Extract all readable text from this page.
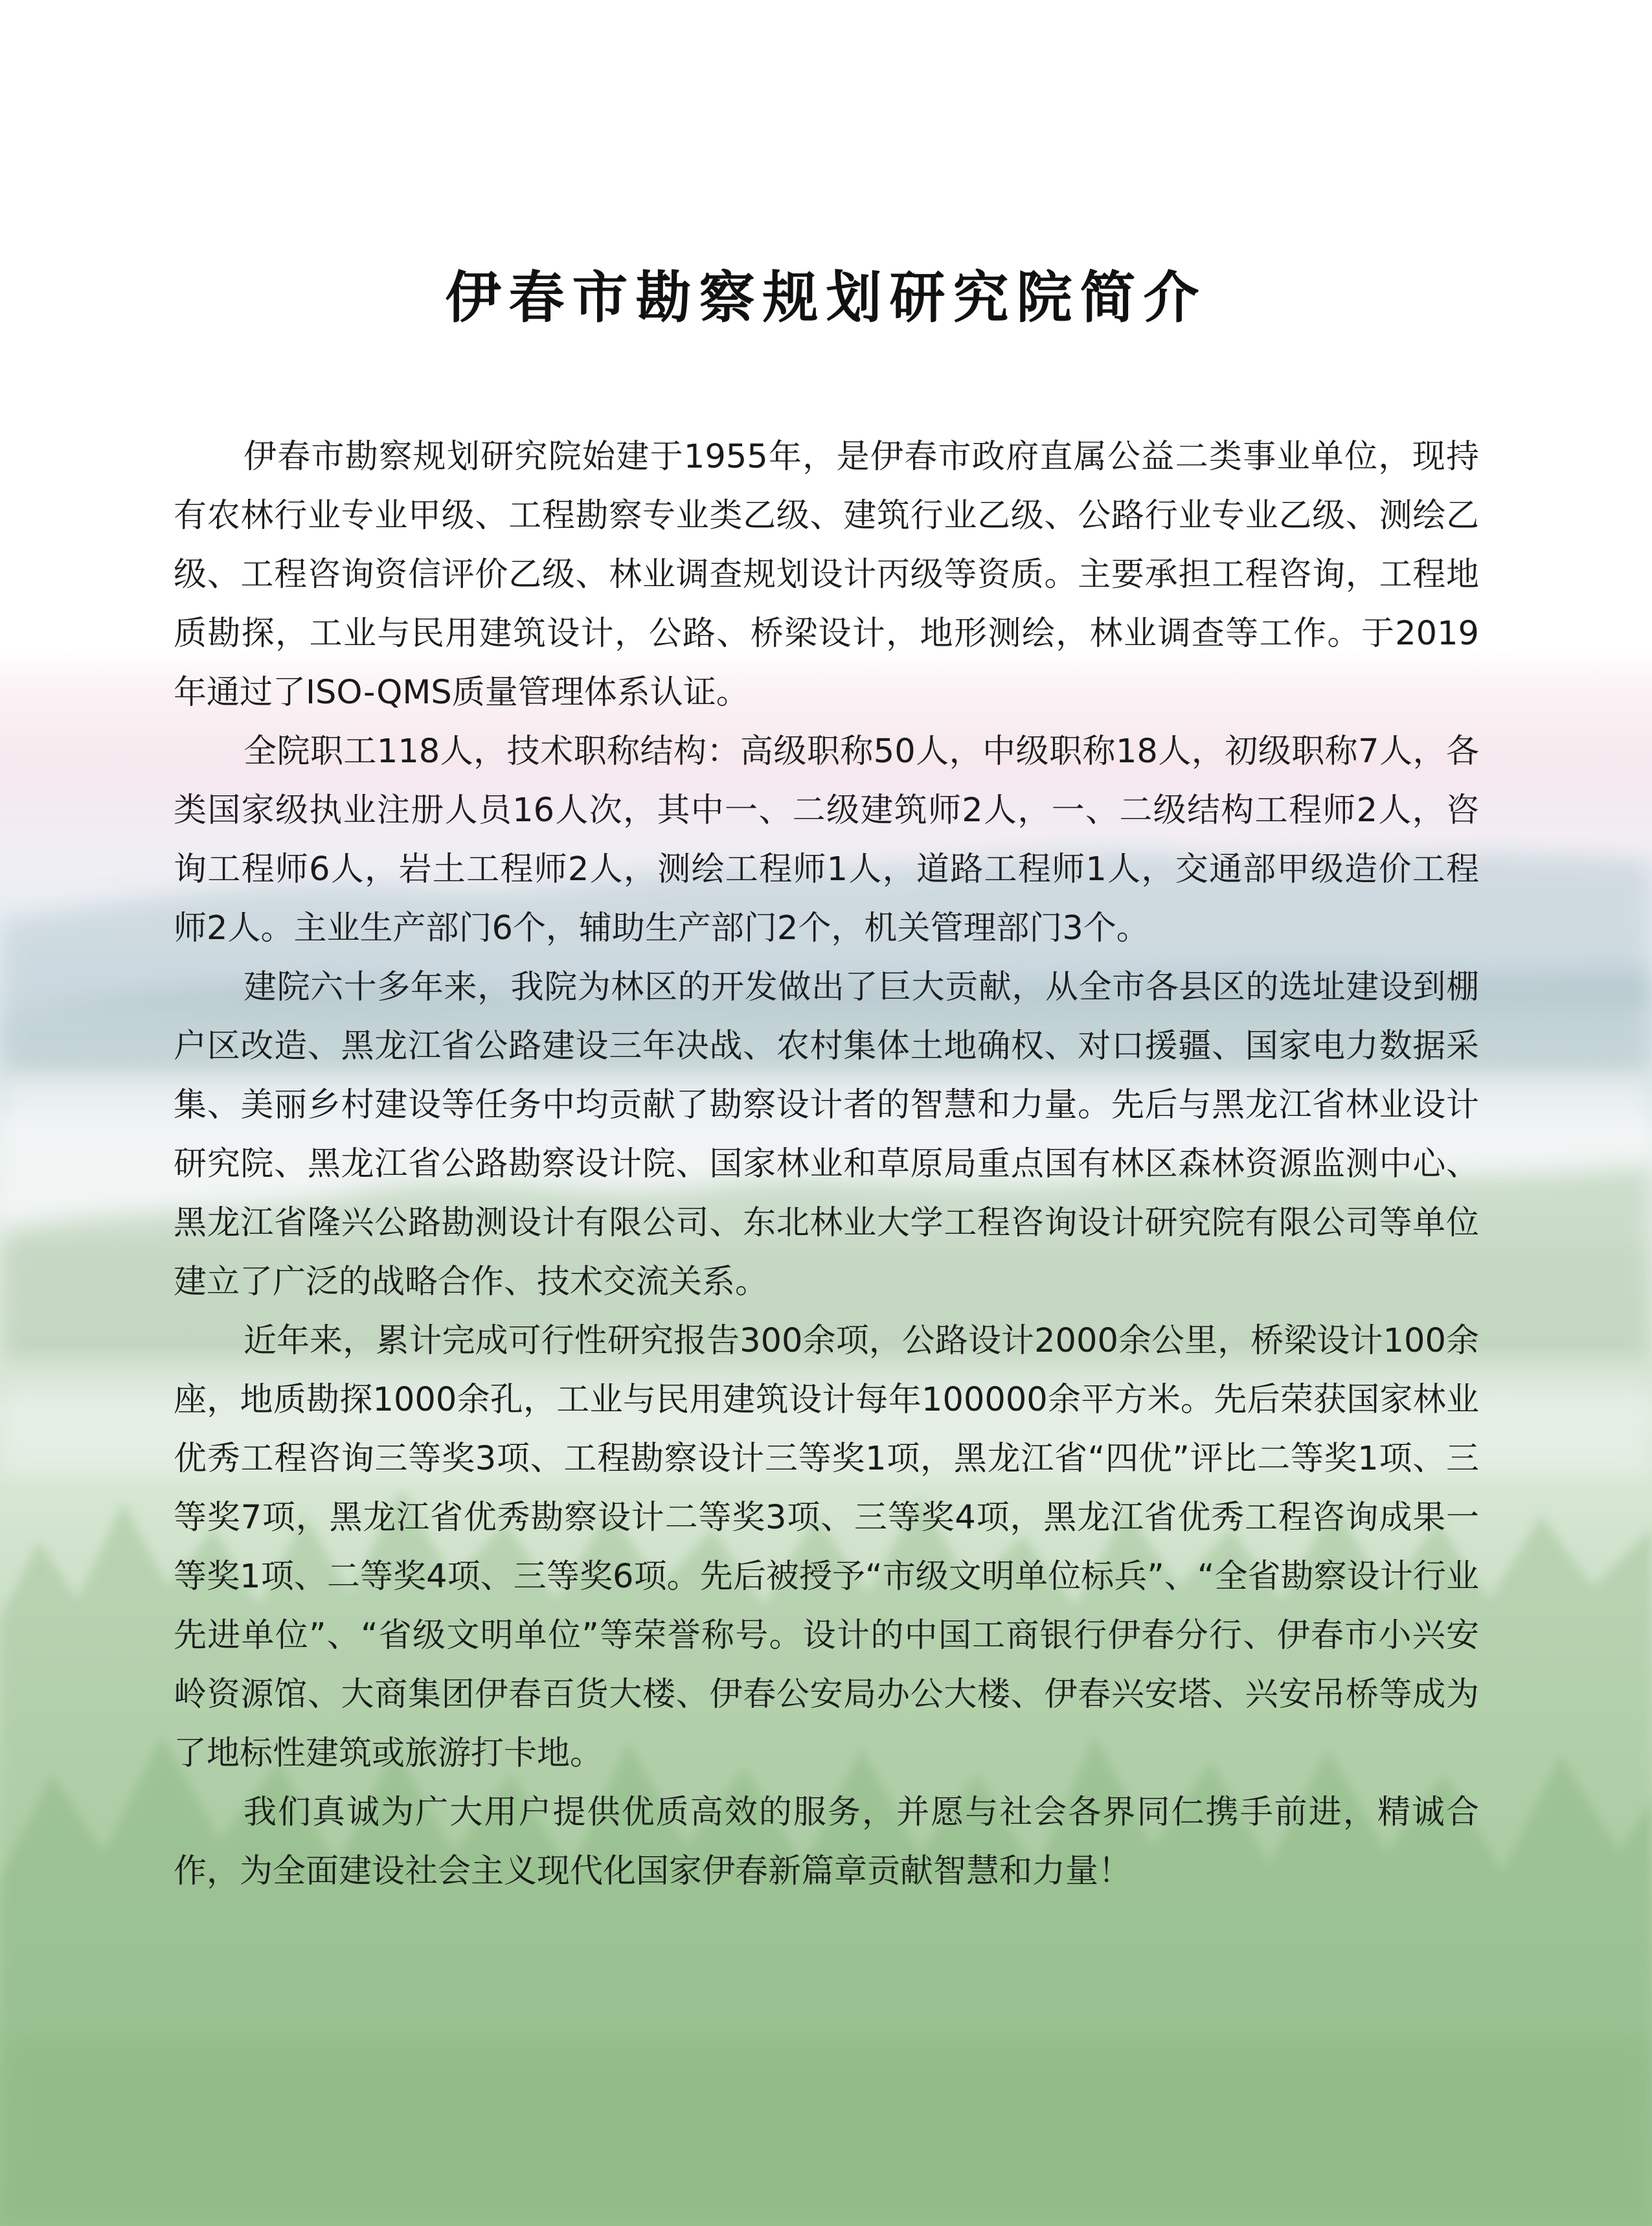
伊春市勘察规划研究院简介

伊春市勘察规划研究院始建于1955年，是伊春市政府直属公益二类事业单位，现持有农林行业专业甲级、工程勘察专业类乙级、建筑行业乙级、公路行业专业乙级、测绘乙级、工程咨询资信评价乙级、林业调查规划设计丙级等资质。主要承担工程咨询，工程地质勘探，工业与民用建筑设计，公路、桥梁设计，地形测绘，林业调查等工作。于2019年通过了ISO-QMS质量管理体系认证。

全院职工118人，技术职称结构：高级职称50人，中级职称18人，初级职称7人，各类国家级执业注册人员16人次，其中一、二级建筑师2人，一、二级结构工程师2人，咨询工程师6人，岩土工程师2人，测绘工程师1人，道路工程师1人，交通部甲级造价工程师2人。主业生产部门6个，辅助生产部门2个，机关管理部门3个。

建院六十多年来，我院为林区的开发做出了巨大贡献，从全市各县区的选址建设到棚户区改造、黑龙江省公路建设三年决战、农村集体土地确权、对口援疆、国家电力数据采集、美丽乡村建设等任务中均贡献了勘察设计者的智慧和力量。先后与黑龙江省林业设计研究院、黑龙江省公路勘察设计院、国家林业和草原局重点国有林区森林资源监测中心、黑龙江省隆兴公路勘测设计有限公司、东北林业大学工程咨询设计研究院有限公司等单位建立了广泛的战略合作、技术交流关系。

近年来，累计完成可行性研究报告300余项，公路设计2000余公里，桥梁设计100余座，地质勘探1000余孔，工业与民用建筑设计每年100000余平方米。先后荣获国家林业优秀工程咨询三等奖3项、工程勘察设计三等奖1项，黑龙江省“四优”评比二等奖1项、三等奖7项，黑龙江省优秀勘察设计二等奖3项、三等奖4项，黑龙江省优秀工程咨询成果一等奖1项、二等奖4项、三等奖6项。先后被授予“市级文明单位标兵”、“全省勘察设计行业先进单位”、“省级文明单位”等荣誉称号。设计的中国工商银行伊春分行、伊春市小兴安岭资源馆、大商集团伊春百货大楼、伊春公安局办公大楼、伊春兴安塔、兴安吊桥等成为了地标性建筑或旅游打卡地。

我们真诚为广大用户提供优质高效的服务，并愿与社会各界同仁携手前进，精诚合作，为全面建设社会主义现代化国家伊春新篇章贡献智慧和力量！
